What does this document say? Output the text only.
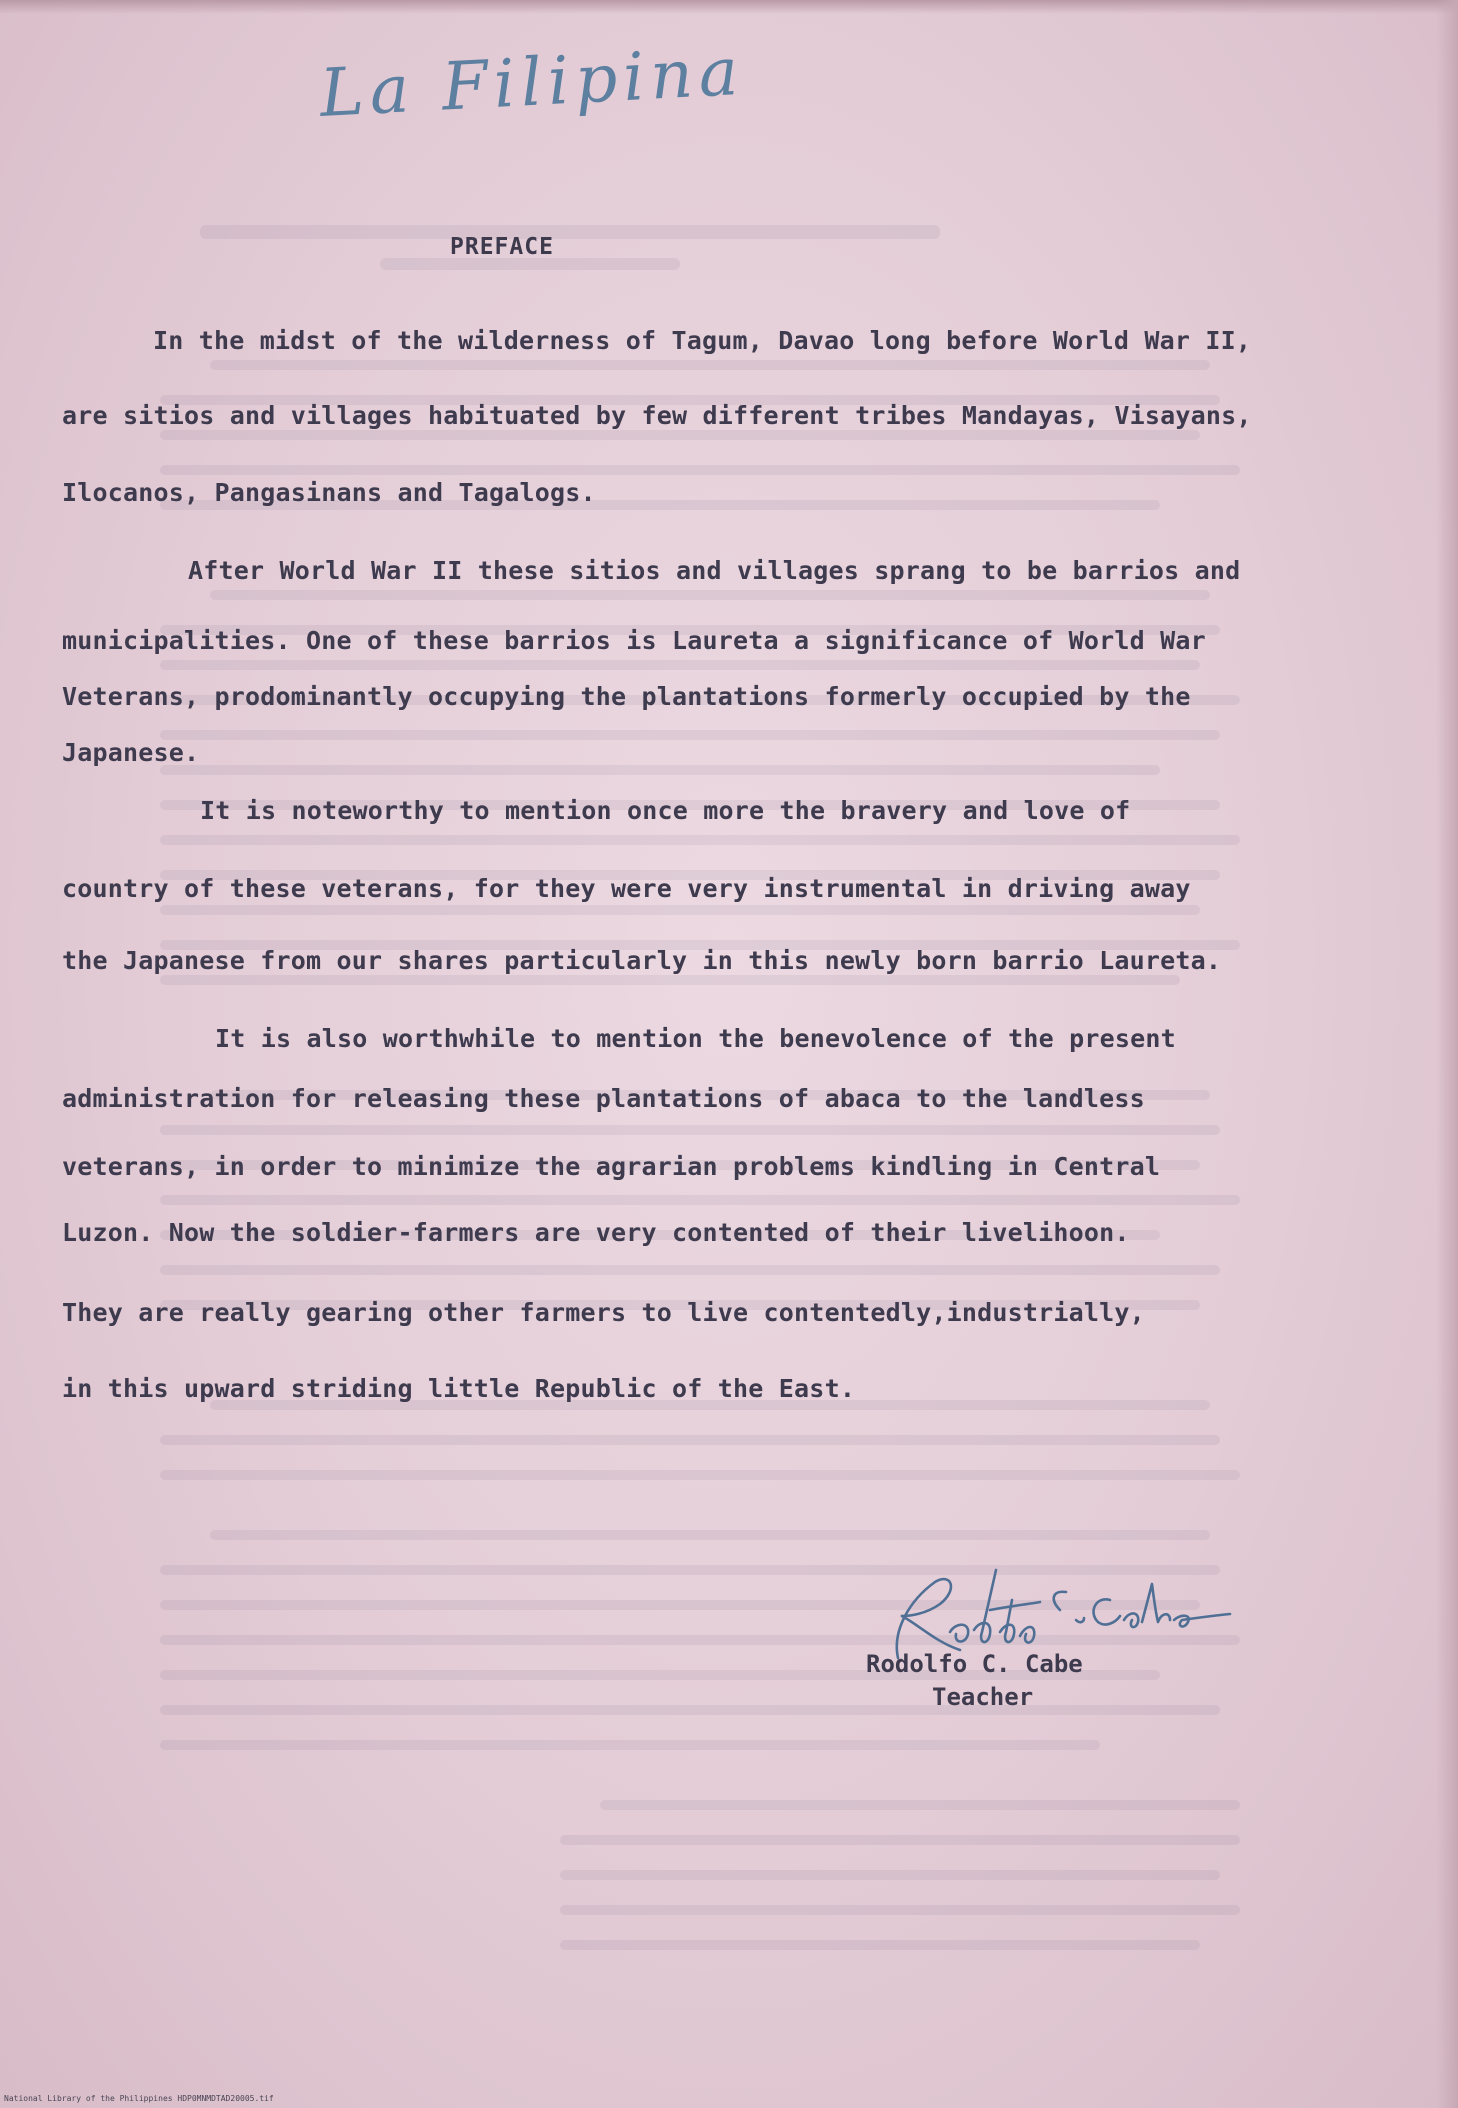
La Filipina
PREFACE
In the midst of the wilderness of Tagum, Davao long before World War II,
are sitios and villages habituated by few different tribes Mandayas, Visayans,
Ilocanos, Pangasinans and Tagalogs.
After World War II these sitios and villages sprang to be barrios and
municipalities. One of these barrios is Laureta a significance of World War
Veterans, prodominantly occupying the plantations formerly occupied by the
Japanese.
It is noteworthy to mention once more the bravery and love of
country of these veterans, for they were very instrumental in driving away
the Japanese from our shares particularly in this newly born barrio Laureta.
It is also worthwhile to mention the benevolence of the present
administration for releasing these plantations of abaca to the landless
veterans, in order to minimize the agrarian problems kindling in Central
Luzon. Now the soldier-farmers are very contented of their livelihoon.
They are really gearing other farmers to live contentedly,industrially,
in this upward striding little Republic of the East.
Rodolfo C. Cabe
Teacher
National Library of the Philippines HDP0MNMDTAD20005.tif
